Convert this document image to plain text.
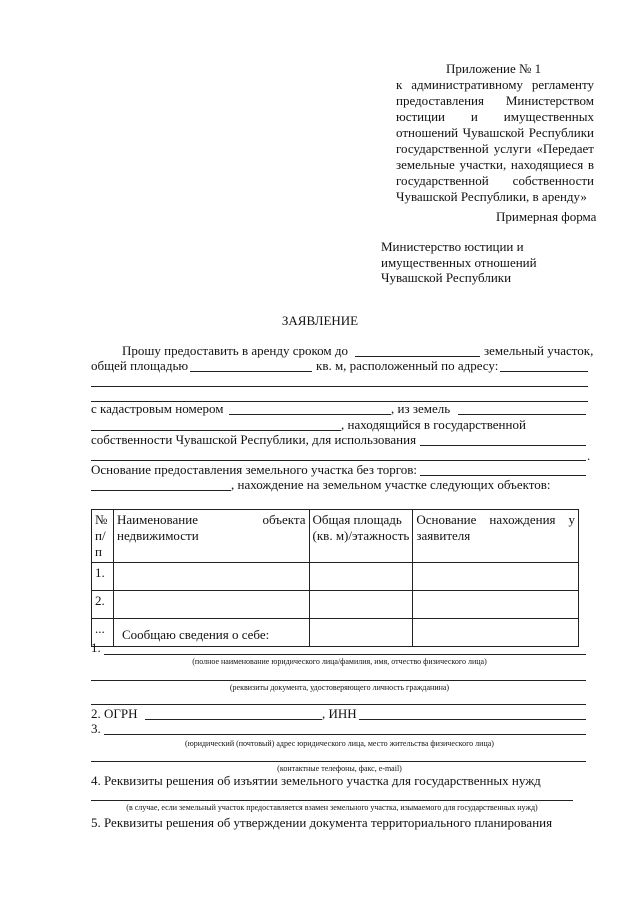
Приложение № 1
к административному регламенту предоставления Министерством юстиции и имущественных отношений Чувашской Республики государственной услуги «Передает земельные участки, находящиеся в государственной собственности Чувашской Республики, в аренду»
Примерная форма
Министерство юстиции и
имущественных отношений
Чувашской Республики
ЗАЯВЛЕНИЕ
Прошу предоставить в аренду сроком до	земельный участок,
общей площадью	кв. м, расположенный по адресу:
с кадастровым номером	, из земель
, находящийся в государственной
собственности Чувашской Республики, для использования
.
Основание предоставления земельного участка без торгов:
, нахождение на земельном участке следующих объектов:
№ п/п	Наименование объекта недвижимости	Общая площадь (кв. м)/этажность	Основание нахождения у заявителя
1.			
2.			
...			Сообщаю сведения о себе:
1.
(полное наименование юридического лица/фамилия, имя, отчество физического лица)
(реквизиты документа, удостоверяющего личность гражданина)
2. ОГРН	, ИНН
3.
(юридический (почтовый) адрес юридического лица, место жительства физического лица)
(контактные телефоны, факс, e-mail)
4. Реквизиты решения об изъятии земельного участка для государственных нужд
(в случае, если земельный участок предоставляется взамен земельного участка, изымаемого для государственных нужд)
5. Реквизиты решения об утверждении документа территориального планирования
